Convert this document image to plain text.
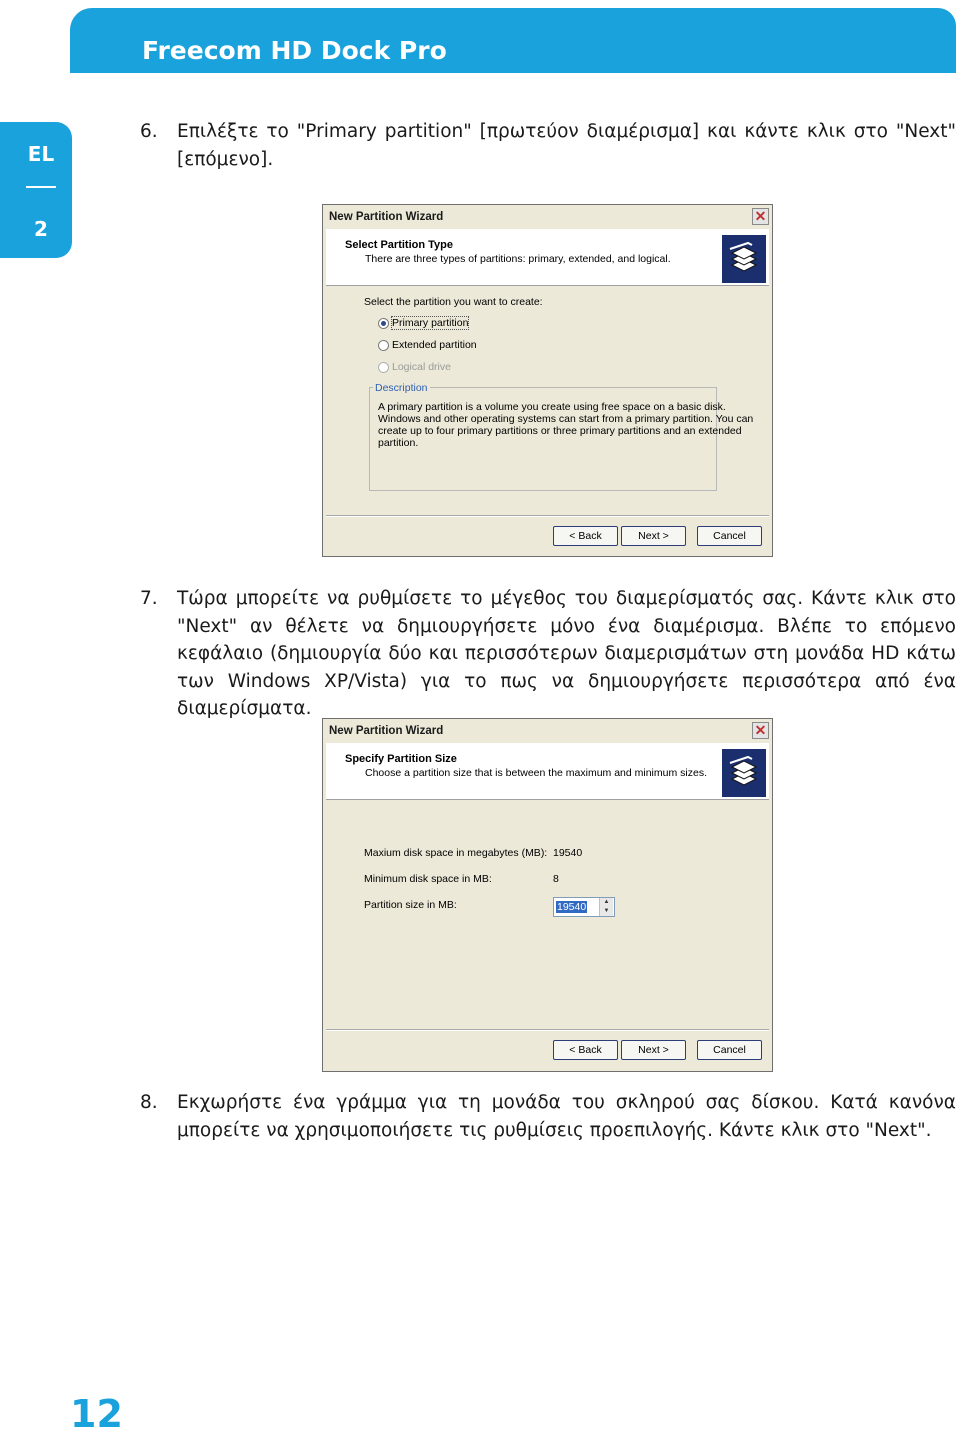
Freecom HD Dock Pro
EL
2
6.	Επιλέξτε το "Primary partition" [πρωτεύον διαμέρισμα] και κάντε κλικ στο "Next" [επόμενο].
New Partition Wizard	✕
Select Partition Type
There are three types of partitions: primary, extended, and logical.
Select the partition you want to create:
Primary partition
Extended partition
Logical drive
Description
A primary partition is a volume you create using free space on a basic disk.
Windows and other operating systems can start from a primary partition. You can
create up to four primary partitions or three primary partitions and an extended
partition.
< Back	Next >	Cancel
7.	Τώρα μπορείτε να ρυθμίσετε το μέγεθος του διαμερίσματός σας. Κάντε κλικ στο "Next" αν θέλετε να δημιουργήσετε μόνο ένα διαμέρισμα. Βλέπε το επόμενο κεφάλαιο (δημιουργία δύο και περισσότερων διαμερισμάτων στη μονάδα HD κάτω των Windows XP/Vista) για το πως να δημιουργήσετε περισσότερα από ένα διαμερίσματα.
New Partition Wizard	✕
Specify Partition Size
Choose a partition size that is between the maximum and minimum sizes.
Maxium disk space in megabytes (MB): 19540
Minimum disk space in MB:	8
Partition size in MB:	19540	▲
▼
< Back	Next >	Cancel
8.	Εκχωρήστε ένα γράμμα για τη μονάδα του σκληρού σας δίσκου. Κατά κανόνα μπορείτε να χρησιμοποιήσετε τις ρυθμίσεις προεπιλογής. Κάντε κλικ στο "Next".
12
